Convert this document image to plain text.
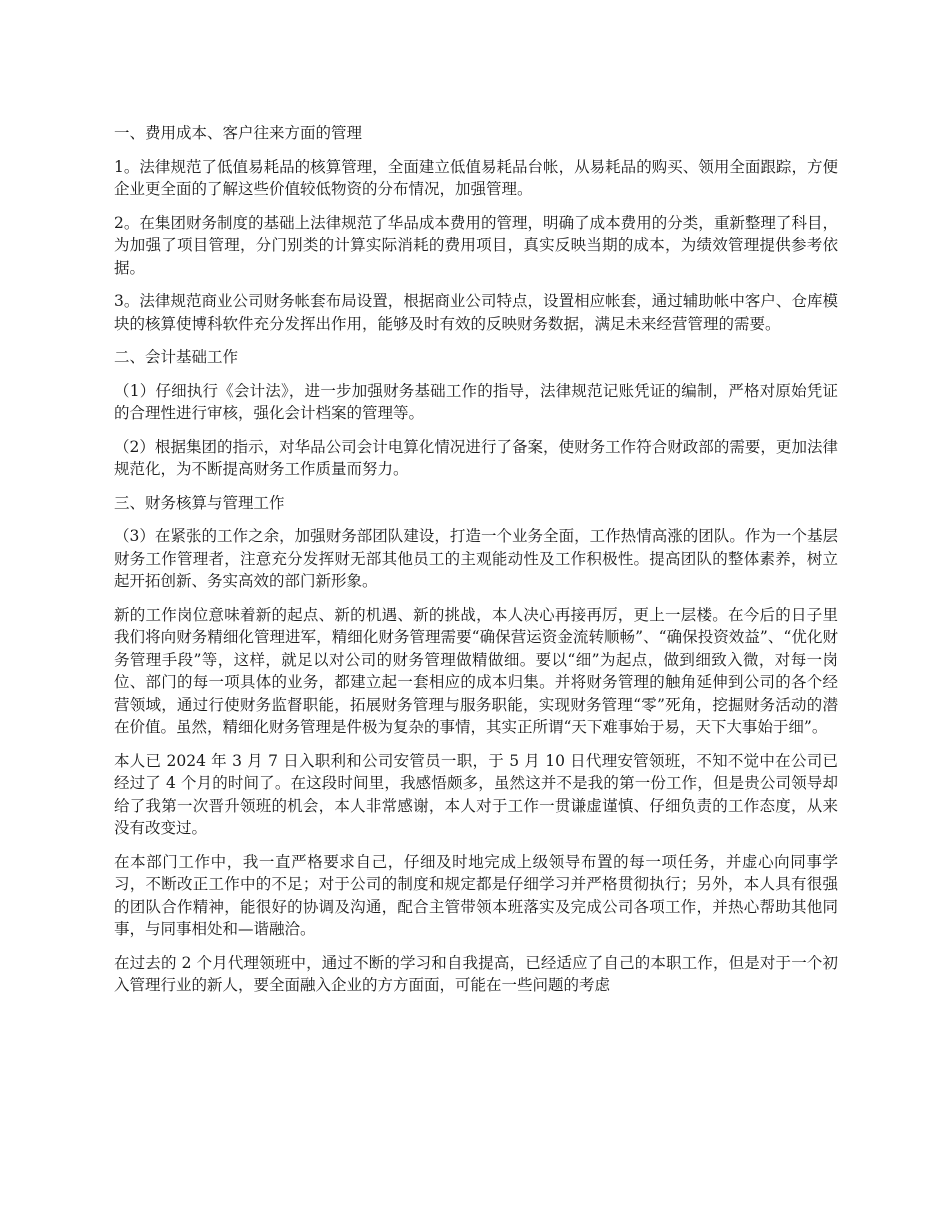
一、费用成本、客户往来方面的管理

1。法律规范了低值易耗品的核算管理，全面建立低值易耗品台帐，从易耗品的购买、领用全面跟踪，方便企业更全面的了解这些价值较低物资的分布情况，加强管理。

2。在集团财务制度的基础上法律规范了华品成本费用的管理，明确了成本费用的分类，重新整理了科目，为加强了项目管理，分门别类的计算实际消耗的费用项目，真实反映当期的成本，为绩效管理提供参考依据。

3。法律规范商业公司财务帐套布局设置，根据商业公司特点，设置相应帐套，通过辅助帐中客户、仓库模块的核算使博科软件充分发挥出作用，能够及时有效的反映财务数据，满足未来经营管理的需要。

二、会计基础工作

（1）仔细执行《会计法》，进一步加强财务基础工作的指导，法律规范记账凭证的编制，严格对原始凭证的合理性进行审核，强化会计档案的管理等。

（2）根据集团的指示，对华品公司会计电算化情况进行了备案，使财务工作符合财政部的需要，更加法律规范化，为不断提高财务工作质量而努力。

三、财务核算与管理工作

（3）在紧张的工作之余，加强财务部团队建设，打造一个业务全面，工作热情高涨的团队。作为一个基层财务工作管理者，注意充分发挥财无部其他员工的主观能动性及工作积极性。提高团队的整体素养，树立起开拓创新、务实高效的部门新形象。

新的工作岗位意味着新的起点、新的机遇、新的挑战，本人决心再接再厉，更上一层楼。在今后的日子里我们将向财务精细化管理进军，精细化财务管理需要“确保营运资金流转顺畅”、“确保投资效益”、“优化财务管理手段”等，这样，就足以对公司的财务管理做精做细。要以“细”为起点，做到细致入微，对每一岗位、部门的每一项具体的业务，都建立起一套相应的成本归集。并将财务管理的触角延伸到公司的各个经营领域，通过行使财务监督职能，拓展财务管理与服务职能，实现财务管理“零”死角，挖掘财务活动的潜在价值。虽然，精细化财务管理是件极为复杂的事情，其实正所谓“天下难事始于易，天下大事始于细”。

本人已 2024 年 3 月 7 日入职利和公司安管员一职，于 5 月 10 日代理安管领班，不知不觉中在公司已经过了 4 个月的时间了。在这段时间里，我感悟颇多，虽然这并不是我的第一份工作，但是贵公司领导却给了我第一次晋升领班的机会，本人非常感谢，本人对于工作一贯谦虚谨慎、仔细负责的工作态度，从来没有改变过。

在本部门工作中，我一直严格要求自己，仔细及时地完成上级领导布置的每一项任务，并虚心向同事学习，不断改正工作中的不足；对于公司的制度和规定都是仔细学习并严格贯彻执行；另外，本人具有很强的团队合作精神，能很好的协调及沟通，配合主管带领本班落实及完成公司各项工作，并热心帮助其他同事，与同事相处和—谐融洽。

在过去的 2 个月代理领班中，通过不断的学习和自我提高，已经适应了自己的本职工作，但是对于一个初入管理行业的新人，要全面融入企业的方方面面，可能在一些问题的考虑
